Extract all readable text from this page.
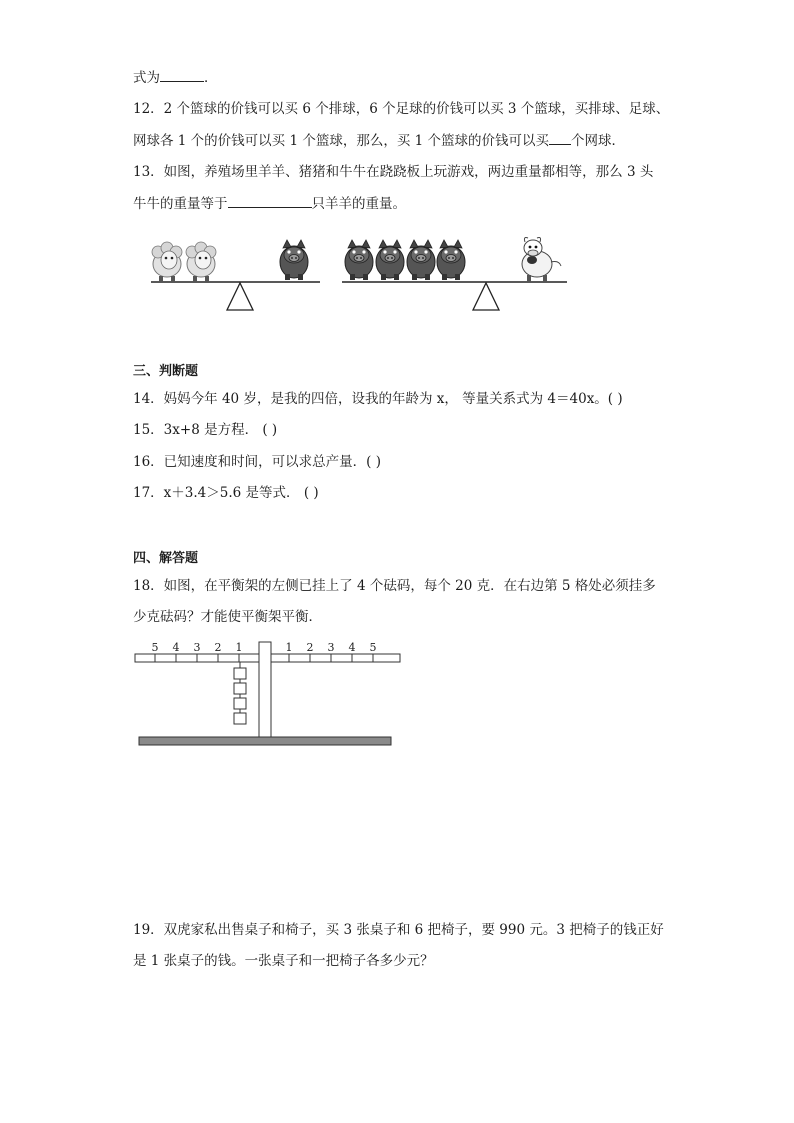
式为	．
12．2 个篮球的价钱可以买 6 个排球，6 个足球的价钱可以买 3 个篮球，买排球、足球、
网球各 1 个的价钱可以买 1 个篮球，那么，买 1 个篮球的价钱可以买 个网球．
13．如图，养殖场里羊羊、猪猪和牛牛在跷跷板上玩游戏，两边重量都相等，那么 3 头
牛牛的重量等于	只羊羊的重量。
三、判断题
14．妈妈今年 40 岁，是我的四倍，设我的年龄为 x， 等量关系式为 4＝40x。( )
15．3x+8 是方程． ( )
16．已知速度和时间，可以求总产量．( )
17．x＋3.4＞5.6 是等式． ( )
四、解答题
18．如图，在平衡架的左侧已挂上了 4 个砝码，每个 20 克．在右边第 5 格处必须挂多
少克砝码？才能使平衡架平衡．
5 4 3 2 1	1 2 3 4 5
19．双虎家私出售桌子和椅子，买 3 张桌子和 6 把椅子，要 990 元。3 把椅子的钱正好
是 1 张桌子的钱。一张桌子和一把椅子各多少元？
